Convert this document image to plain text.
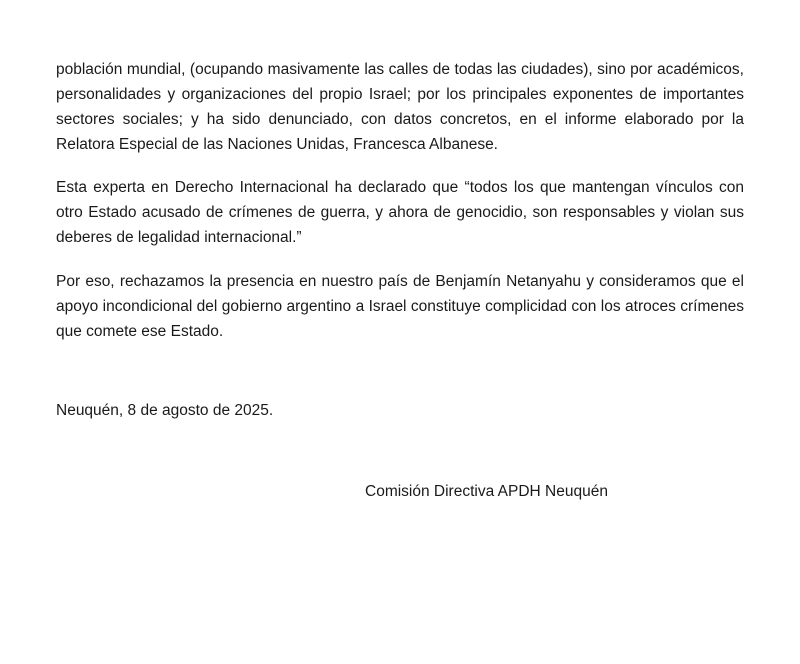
población mundial, (ocupando masivamente las calles de todas las ciudades), sino por académicos, personalidades y organizaciones del propio Israel; por los principales exponentes de importantes sectores sociales; y ha sido denunciado, con datos concretos, en el informe elaborado por la Relatora Especial de las Naciones Unidas, Francesca Albanese.

Esta experta en Derecho Internacional ha declarado que “todos los que mantengan vínculos con otro Estado acusado de crímenes de guerra, y ahora de genocidio, son responsables y violan sus deberes de legalidad internacional.”

Por eso, rechazamos la presencia en nuestro país de Benjamín Netanyahu y consideramos que el apoyo incondicional del gobierno argentino a Israel constituye complicidad con los atroces crímenes que comete ese Estado.

Neuquén, 8 de agosto de 2025.
Comisión Directiva APDH Neuquén
